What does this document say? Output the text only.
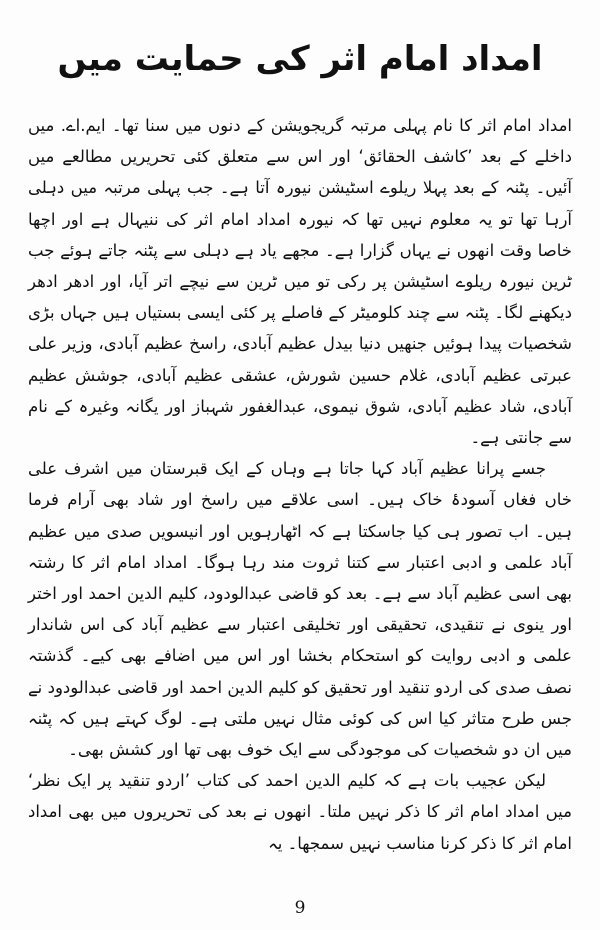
امداد امام اثر کی حمایت میں

امداد امام اثر کا نام پہلی مرتبہ گریجویشن کے دنوں میں سنا تھا۔ ایم.اے. میں داخلے کے بعد ’کاشف الحقائق‘ اور اس سے متعلق کئی تحریریں مطالعے میں آئیں۔ پٹنہ کے بعد پہلا ریلوے اسٹیشن نیورہ آتا ہے۔ جب پہلی مرتبہ میں دہلی آرہا تھا تو یہ معلوم نہیں تھا کہ نیورہ امداد امام اثر کی ننیہال ہے اور اچھا خاصا وقت انھوں نے یہاں گزارا ہے۔ مجھے یاد ہے دہلی سے پٹنہ جاتے ہوئے جب ٹرین نیورہ ریلوے اسٹیشن پر رکی تو میں ٹرین سے نیچے اتر آیا، اور ادھر ادھر دیکھنے لگا۔ پٹنہ سے چند کلومیٹر کے فاصلے پر کئی ایسی بستیاں ہیں جہاں بڑی شخصیات پیدا ہوئیں جنھیں دنیا بیدل عظیم آبادی، راسخ عظیم آبادی، وزیر علی عبرتی عظیم آبادی، غلام حسین شورش، عشقی عظیم آبادی، جوشش عظیم آبادی، شاد عظیم آبادی، شوق نیموی، عبدالغفور شہباز اور یگانہ وغیرہ کے نام سے جانتی ہے۔

جسے پرانا عظیم آباد کہا جاتا ہے وہاں کے ایک قبرستان میں اشرف علی خاں فغاں آسودۂ خاک ہیں۔ اسی علاقے میں راسخ اور شاد بھی آرام فرما ہیں۔ اب تصور ہی کیا جاسکتا ہے کہ اٹھارہویں اور انیسویں صدی میں عظیم آباد علمی و ادبی اعتبار سے کتنا ثروت مند رہا ہوگا۔ امداد امام اثر کا رشتہ بھی اسی عظیم آباد سے ہے۔ بعد کو قاضی عبدالودود، کلیم الدین احمد اور اختر اور ینوی نے تنقیدی، تحقیقی اور تخلیقی اعتبار سے عظیم آباد کی اس شاندار علمی و ادبی روایت کو استحکام بخشا اور اس میں اضافے بھی کیے۔ گذشتہ نصف صدی کی اردو تنقید اور تحقیق کو کلیم الدین احمد اور قاضی عبدالودود نے جس طرح متاثر کیا اس کی کوئی مثال نہیں ملتی ہے۔ لوگ کہتے ہیں کہ پٹنہ میں ان دو شخصیات کی موجودگی سے ایک خوف بھی تھا اور کشش بھی۔

لیکن عجیب بات ہے کہ کلیم الدین احمد کی کتاب ’اردو تنقید پر ایک نظر‘ میں امداد امام اثر کا ذکر نہیں ملتا۔ انھوں نے بعد کی تحریروں میں بھی امداد امام اثر کا ذکر کرنا مناسب نہیں سمجھا۔ یہ

9
